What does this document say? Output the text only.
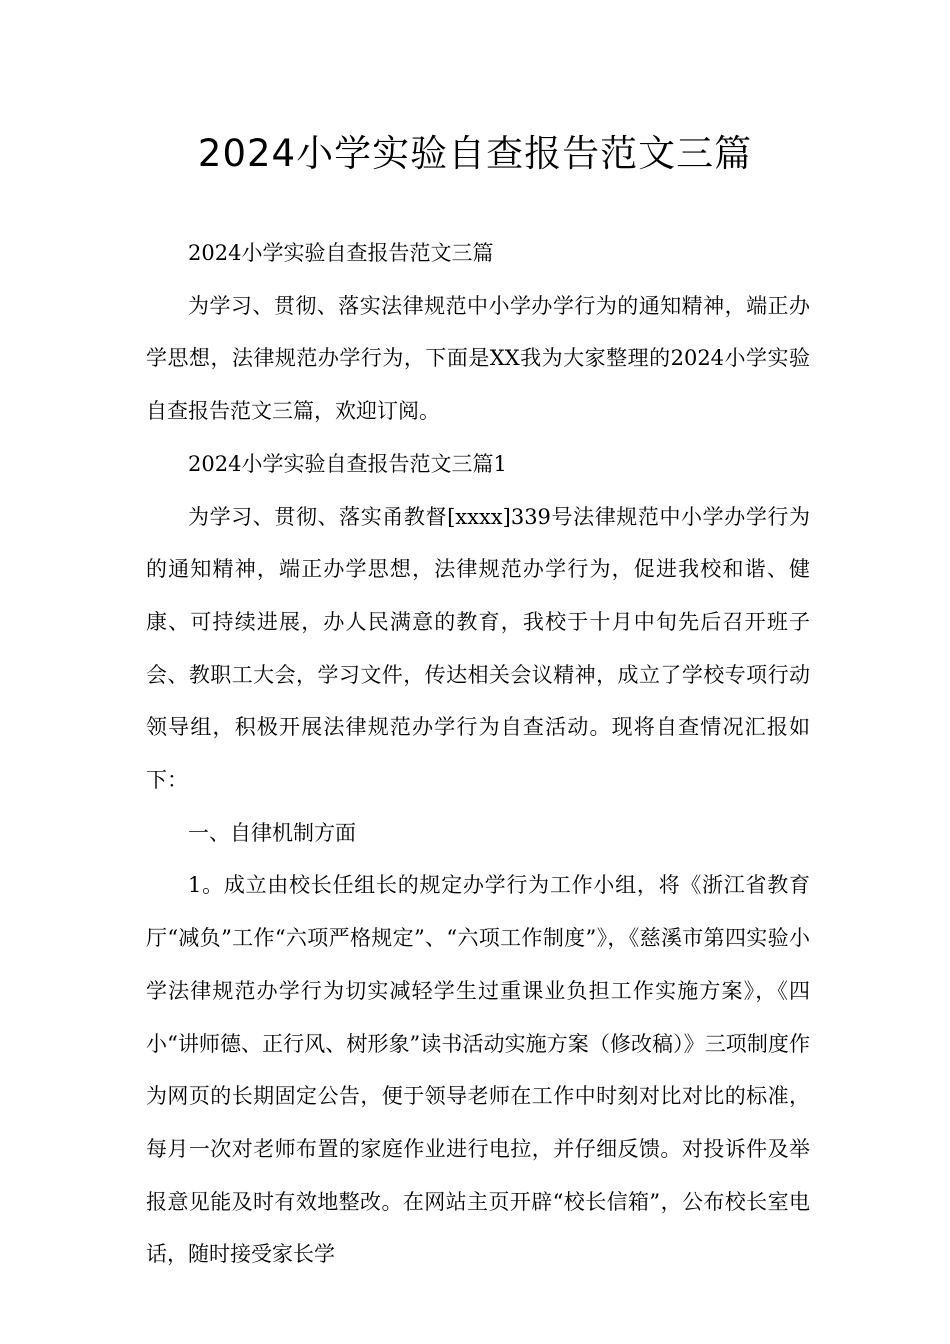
2024小学实验自查报告范文三篇

2024小学实验自查报告范文三篇

为学习、贯彻、落实法律规范中小学办学行为的通知精神，端正办学思想，法律规范办学行为，下面是XX我为大家整理的2024小学实验自查报告范文三篇，欢迎订阅。

2024小学实验自查报告范文三篇1

为学习、贯彻、落实甬教督[xxxx]339号法律规范中小学办学行为的通知精神，端正办学思想，法律规范办学行为，促进我校和谐、健康、可持续进展，办人民满意的教育，我校于十月中旬先后召开班子会、教职工大会，学习文件，传达相关会议精神，成立了学校专项行动领导组，积极开展法律规范办学行为自查活动。现将自查情况汇报如下：

一、自律机制方面

1。成立由校长任组长的规定办学行为工作小组，将《浙江省教育厅“减负”工作“六项严格规定”、“六项工作制度”》，《慈溪市第四实验小学法律规范办学行为切实减轻学生过重课业负担工作实施方案》，《四小“讲师德、正行风、树形象”读书活动实施方案（修改稿）》三项制度作为网页的长期固定公告，便于领导老师在工作中时刻对比对比的标准，每月一次对老师布置的家庭作业进行电拉，并仔细反馈。对投诉件及举报意见能及时有效地整改。在网站主页开辟“校长信箱”，公布校长室电话，随时接受家长学
